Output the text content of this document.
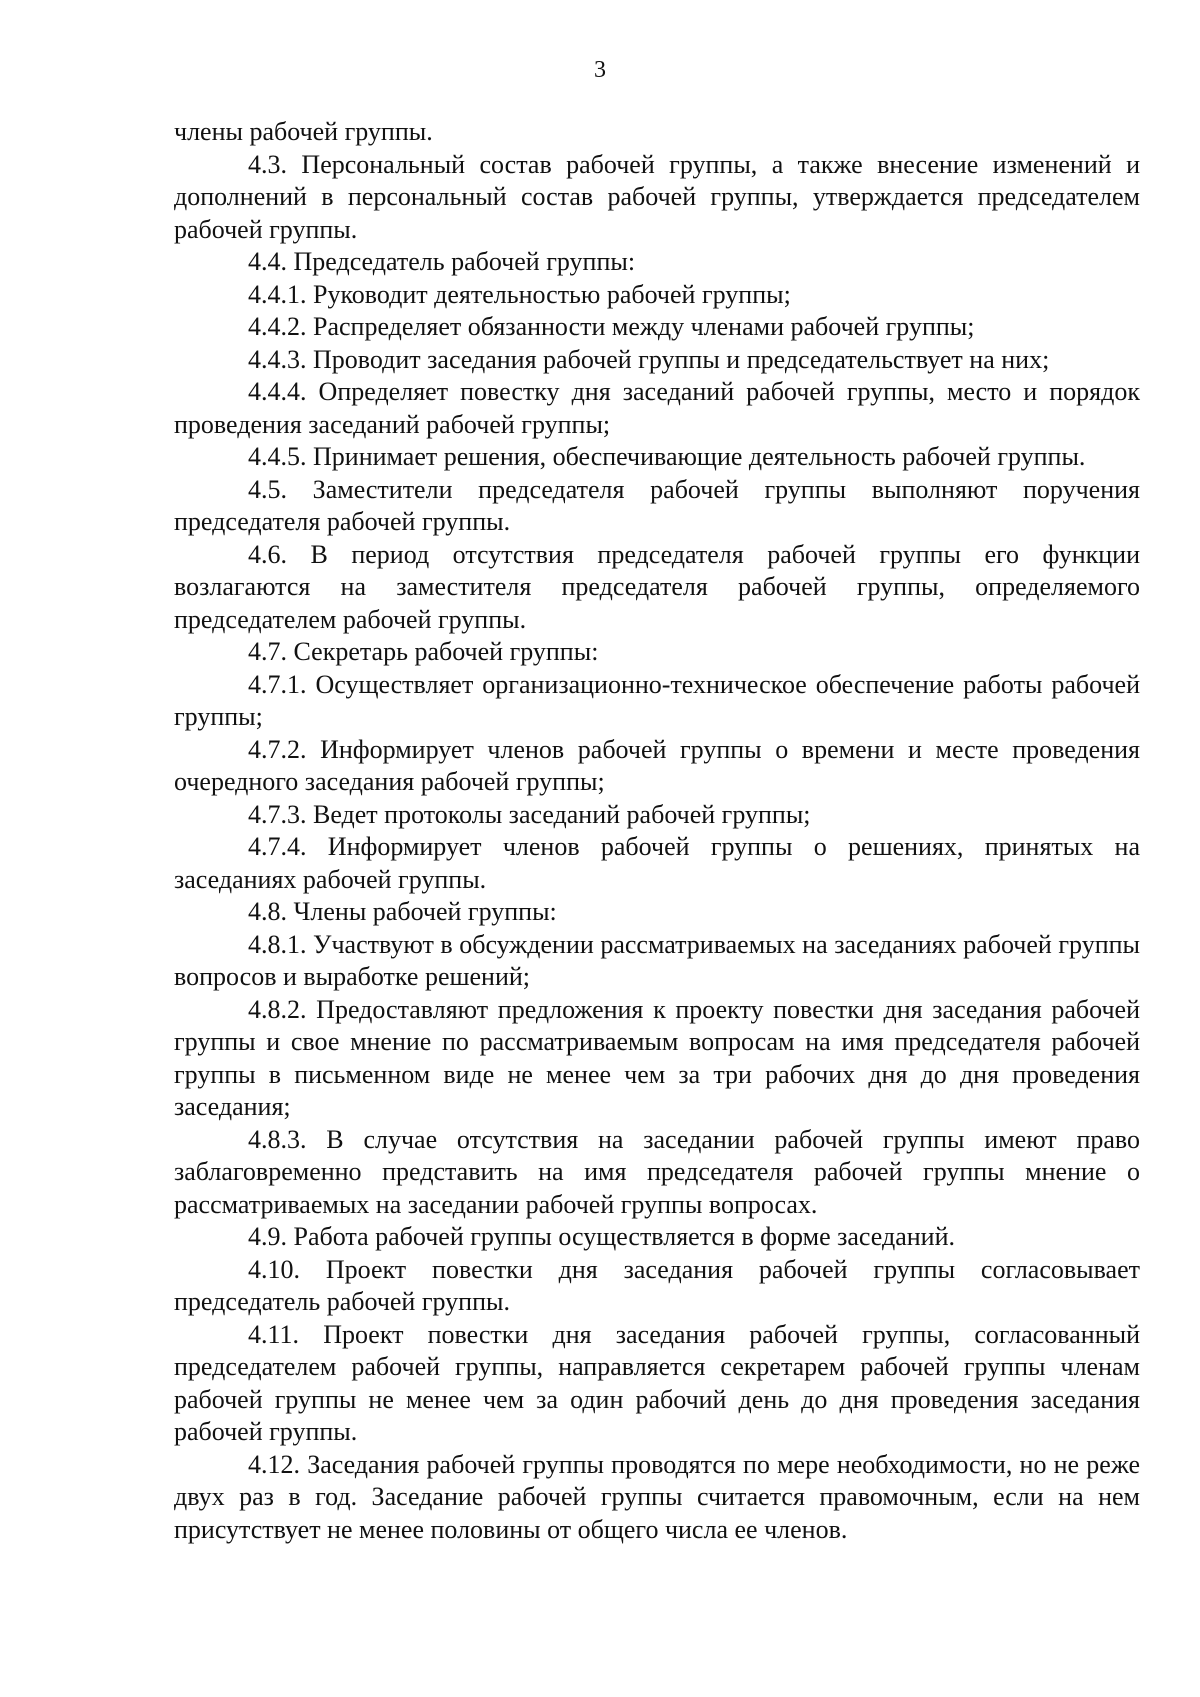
3

члены рабочей группы.

4.3. Персональный состав рабочей группы, а также внесение изменений и дополнений в персональный состав рабочей группы, утверждается председателем рабочей группы.

4.4. Председатель рабочей группы:

4.4.1. Руководит деятельностью рабочей группы;

4.4.2. Распределяет обязанности между членами рабочей группы;

4.4.3. Проводит заседания рабочей группы и председательствует на них;

4.4.4. Определяет повестку дня заседаний рабочей группы, место и порядок проведения заседаний рабочей группы;

4.4.5. Принимает решения, обеспечивающие деятельность рабочей группы.

4.5. Заместители председателя рабочей группы выполняют поручения председателя рабочей группы.

4.6. В период отсутствия председателя рабочей группы его функции возлагаются на заместителя председателя рабочей группы, определяемого председателем рабочей группы.

4.7. Секретарь рабочей группы:

4.7.1. Осуществляет организационно-техническое обеспечение работы рабочей группы;

4.7.2. Информирует членов рабочей группы о времени и месте проведения очередного заседания рабочей группы;

4.7.3. Ведет протоколы заседаний рабочей группы;

4.7.4. Информирует членов рабочей группы о решениях, принятых на заседаниях рабочей группы.

4.8. Члены рабочей группы:

4.8.1. Участвуют в обсуждении рассматриваемых на заседаниях рабочей группы вопросов и выработке решений;

4.8.2. Предоставляют предложения к проекту повестки дня заседания рабочей группы и свое мнение по рассматриваемым вопросам на имя председателя рабочей группы в письменном виде не менее чем за три рабочих дня до дня проведения заседания;

4.8.3. В случае отсутствия на заседании рабочей группы имеют право заблаговременно представить на имя председателя рабочей группы мнение о рассматриваемых на заседании рабочей группы вопросах.

4.9. Работа рабочей группы осуществляется в форме заседаний.

4.10. Проект повестки дня заседания рабочей группы согласовывает председатель рабочей группы.

4.11. Проект повестки дня заседания рабочей группы, согласованный председателем рабочей группы, направляется секретарем рабочей группы членам рабочей группы не менее чем за один рабочий день до дня проведения заседания рабочей группы.

4.12. Заседания рабочей группы проводятся по мере необходимости, но не реже двух раз в год. Заседание рабочей группы считается правомочным, если на нем присутствует не менее половины от общего числа ее членов.
